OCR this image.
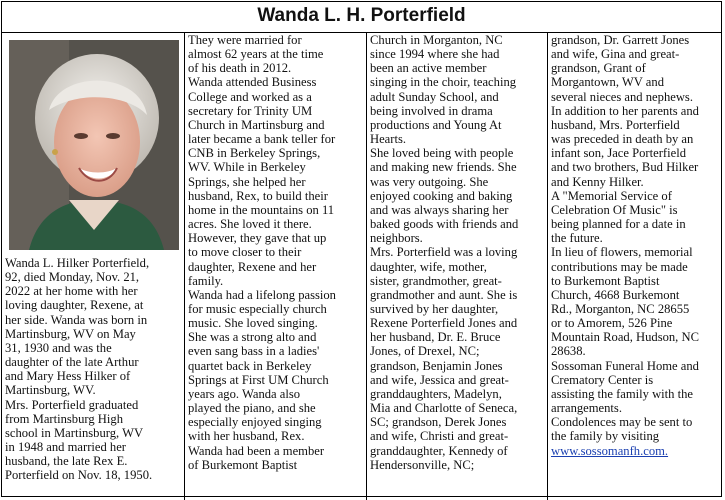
Wanda L. H. Porterfield

Wanda L. Hilker Porterfield,
92, died Monday, Nov. 21,
2022 at her home with her
loving daughter, Rexene, at
her side. Wanda was born in
Martinsburg, WV on May
31, 1930 and was the
daughter of the late Arthur
and Mary Hess Hilker of
Martinsburg, WV.
Mrs. Porterfield graduated
from Martinsburg High
school in Martinsburg, WV
in 1948 and married her
husband, the late Rex E.
Porterfield on Nov. 18, 1950.

They were married for
almost 62 years at the time
of his death in 2012.
Wanda attended Business
College and worked as a
secretary for Trinity UM
Church in Martinsburg and
later became a bank teller for
CNB in Berkeley Springs,
WV. While in Berkeley
Springs, she helped her
husband, Rex, to build their
home in the mountains on 11
acres. She loved it there.
However, they gave that up
to move closer to their
daughter, Rexene and her
family.
Wanda had a lifelong passion
for music especially church
music. She loved singing.
She was a strong alto and
even sang bass in a ladies'
quartet back in Berkeley
Springs at First UM Church
years ago. Wanda also
played the piano, and she
especially enjoyed singing
with her husband, Rex.
Wanda had been a member
of Burkemont Baptist

Church in Morganton, NC
since 1994 where she had
been an active member
singing in the choir, teaching
adult Sunday School, and
being involved in drama
productions and Young At
Hearts.
She loved being with people
and making new friends. She
was very outgoing. She
enjoyed cooking and baking
and was always sharing her
baked goods with friends and
neighbors.
Mrs. Porterfield was a loving
daughter, wife, mother,
sister, grandmother, great-
grandmother and aunt. She is
survived by her daughter,
Rexene Porterfield Jones and
her husband, Dr. E. Bruce
Jones, of Drexel, NC;
grandson, Benjamin Jones
and wife, Jessica and great-
granddaughters, Madelyn,
Mia and Charlotte of Seneca,
SC; grandson, Derek Jones
and wife, Christi and great-
granddaughter, Kennedy of
Hendersonville, NC;

grandson, Dr. Garrett Jones
and wife, Gina and great-
grandson, Grant of
Morgantown, WV and
several nieces and nephews.
In addition to her parents and
husband, Mrs. Porterfield
was preceded in death by an
infant son, Jace Porterfield
and two brothers, Bud Hilker
and Kenny Hilker.
A "Memorial Service of
Celebration Of Music" is
being planned for a date in
the future.
In lieu of flowers, memorial
contributions may be made
to Burkemont Baptist
Church, 4668 Burkemont
Rd., Morganton, NC 28655
or to Amorem, 526 Pine
Mountain Road, Hudson, NC
28638.
Sossoman Funeral Home and
Crematory Center is
assisting the family with the
arrangements.
Condolences may be sent to
the family by visiting

www.sossomanfh.com.
